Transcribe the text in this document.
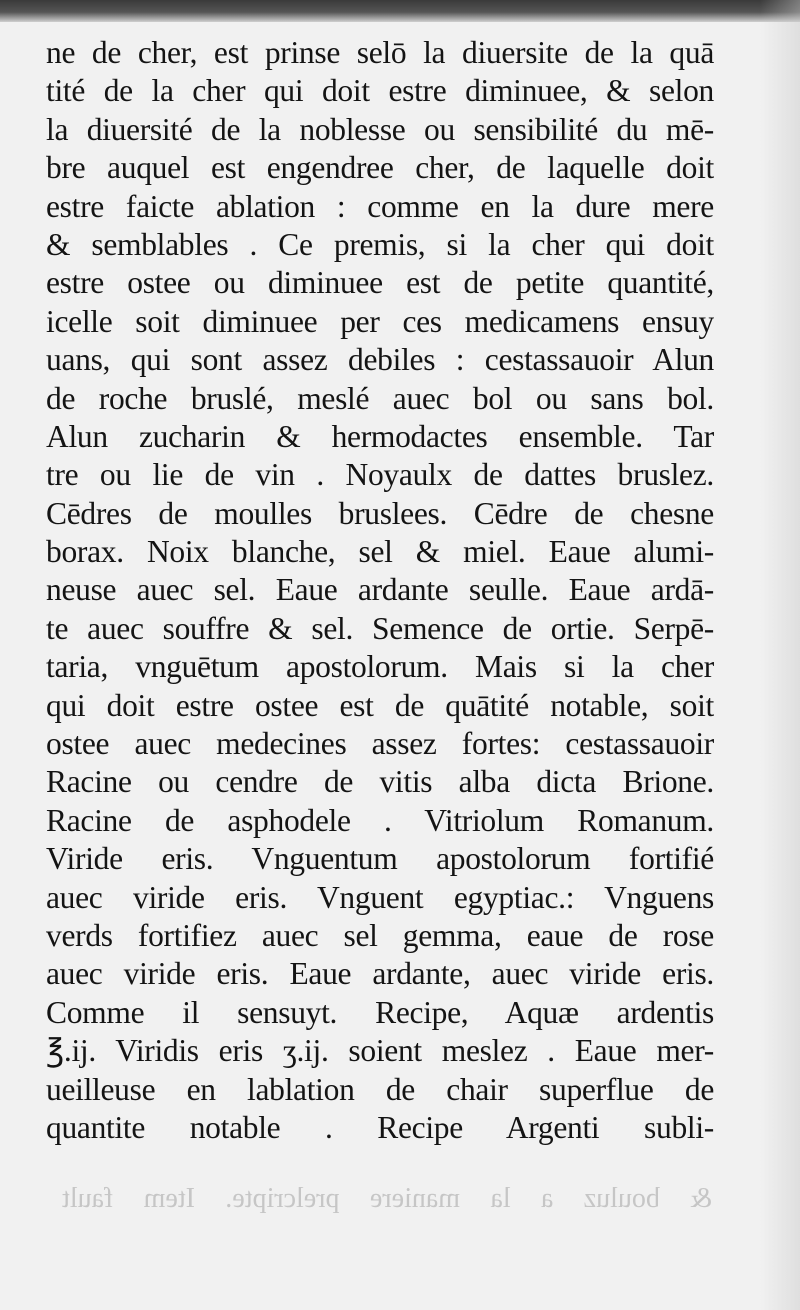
ne de cher, est prinse selō la diuersite de la quā
tité de la cher qui doit estre diminuee, & selon
la diuersité de la noblesse ou sensibilité du mē-
bre auquel est engendree cher, de laquelle doit
estre faicte ablation : comme en la dure mere
& semblables . Ce premis, si la cher qui doit
estre ostee ou diminuee est de petite quantité,
icelle soit diminuee per ces medicamens ensuy
uans, qui sont assez debiles : cestassauoir Alun
de roche bruslé, meslé auec bol ou sans bol.
Alun zucharin & hermodactes ensemble. Tar
tre ou lie de vin . Noyaulx de dattes bruslez.
Cēdres de moulles bruslees. Cēdre de chesne
borax. Noix blanche, sel & miel. Eaue alumi-
neuse auec sel. Eaue ardante seulle. Eaue ardā-
te auec souffre & sel. Semence de ortie. Serpē-
taria, vnguētum apostolorum. Mais si la cher
qui doit estre ostee est de quātité notable, soit
ostee auec medecines assez fortes: cestassauoir
Racine ou cendre de vitis alba dicta Brione.
Racine de asphodele . Vitriolum Romanum.
Viride eris. Vnguentum apostolorum fortifié
auec viride eris. Vnguent egyptiac.: Vnguens
verds fortifiez auec sel gemma, eaue de rose
auec viride eris. Eaue ardante, auec viride eris.
Comme il sensuyt. Recipe, Aquæ ardentis
℥.ij. Viridis eris ʒ.ij. soient meslez . Eaue mer-
ueilleuse en lablation de chair superflue de
quantite notable . Recipe Argenti subli-
& bouluz a la maniere prelcripte. Item fault
